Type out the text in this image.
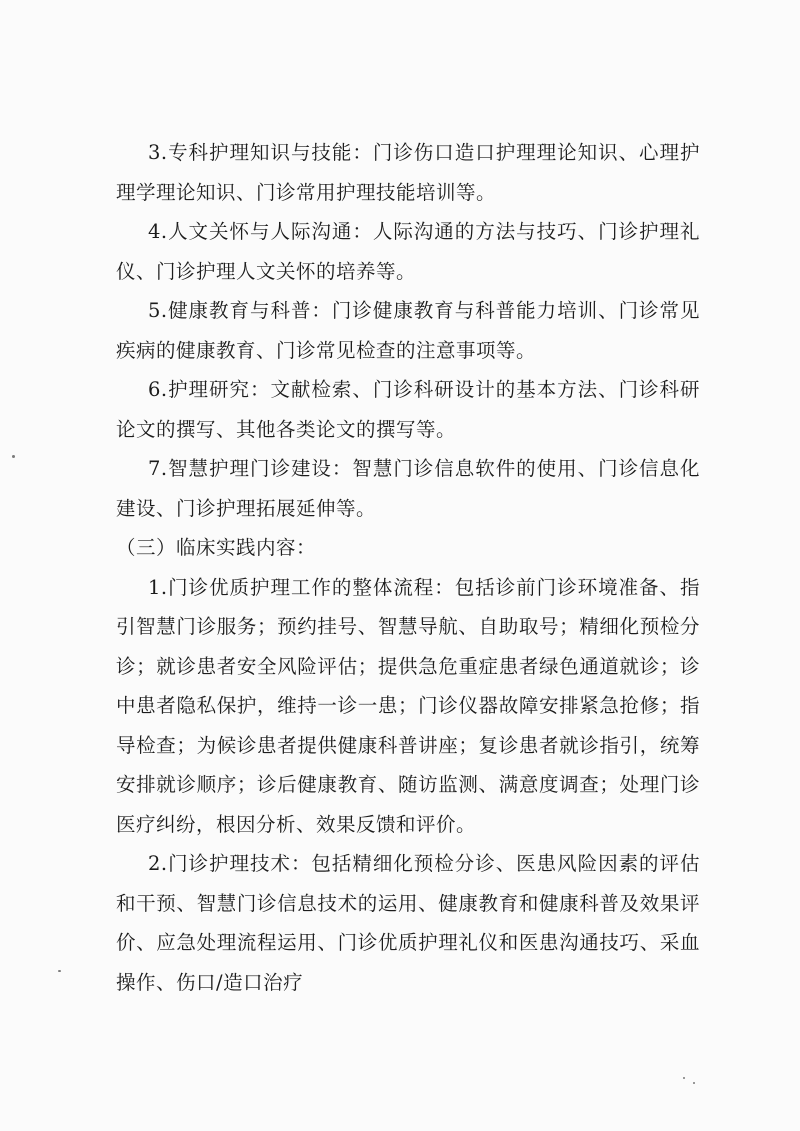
3.专科护理知识与技能：门诊伤口造口护理理论知识、心理护理学理论知识、门诊常用护理技能培训等。

4.人文关怀与人际沟通：人际沟通的方法与技巧、门诊护理礼仪、门诊护理人文关怀的培养等。

5.健康教育与科普：门诊健康教育与科普能力培训、门诊常见疾病的健康教育、门诊常见检查的注意事项等。

6.护理研究：文献检索、门诊科研设计的基本方法、门诊科研论文的撰写、其他各类论文的撰写等。

7.智慧护理门诊建设：智慧门诊信息软件的使用、门诊信息化建设、门诊护理拓展延伸等。

（三）临床实践内容：

1.门诊优质护理工作的整体流程：包括诊前门诊环境准备、指引智慧门诊服务；预约挂号、智慧导航、自助取号；精细化预检分诊；就诊患者安全风险评估；提供急危重症患者绿色通道就诊；诊中患者隐私保护，维持一诊一患；门诊仪器故障安排紧急抢修；指导检查；为候诊患者提供健康科普讲座；复诊患者就诊指引，统筹安排就诊顺序；诊后健康教育、随访监测、满意度调查；处理门诊医疗纠纷，根因分析、效果反馈和评价。

2.门诊护理技术：包括精细化预检分诊、医患风险因素的评估和干预、智慧门诊信息技术的运用、健康教育和健康科普及效果评价、应急处理流程运用、门诊优质护理礼仪和医患沟通技巧、采血操作、伤口/造口治疗
